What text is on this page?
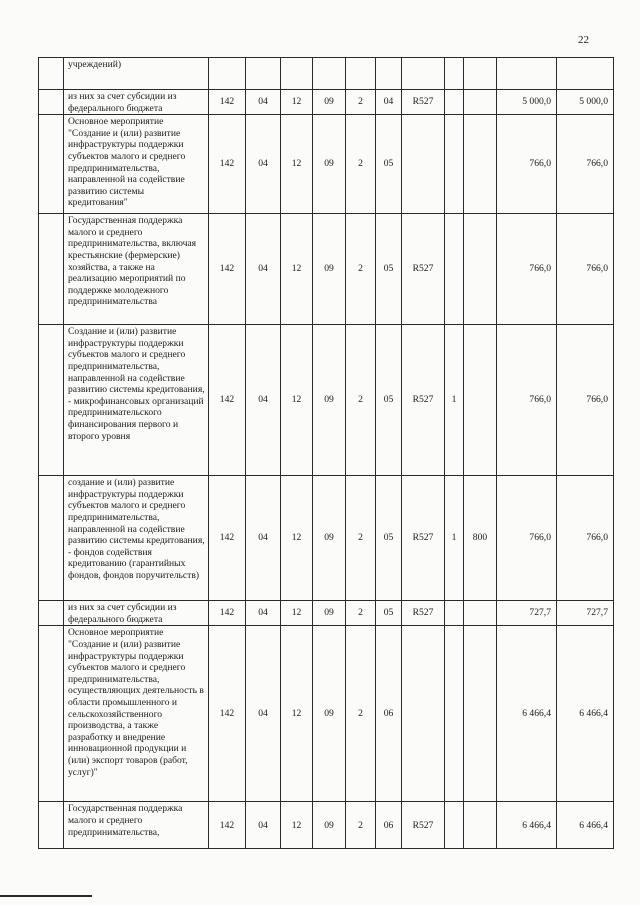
22
	учреждений)											
	из них за счет субсидии из федерального бюджета	142	04	12	09	2	04	R527			5 000,0	5 000,0
	Основное мероприятие "Создание и (или) развитие инфраструктуры поддержки субъектов малого и среднего предпринимательства, направленной на содействие развитию системы кредитования"	142	04	12	09	2	05				766,0	766,0
	Государственная поддержка малого и среднего предпринимательства, включая крестьянские (фермерские) хозяйства, а также на реализацию мероприятий по поддержке молодежного предпринимательства	142	04	12	09	2	05	R527			766,0	766,0
	Создание и (или) развитие инфраструктуры поддержки субъектов малого и среднего предпринимательства, направленной на содействие развитию системы кредитования, - микрофинансовых организаций предпринимательского финансирования первого и второго уровня	142	04	12	09	2	05	R527	1		766,0	766,0
	создание и (или) развитие инфраструктуры поддержки субъектов малого и среднего предпринимательства, направленной на содействие развитию системы кредитования, - фондов содействия кредитованию (гарантийных фондов, фондов поручительств)	142	04	12	09	2	05	R527	1	800	766,0	766,0
	из них за счет субсидии из федерального бюджета	142	04	12	09	2	05	R527			727,7	727,7
	Основное мероприятие "Создание и (или) развитие инфраструктуры поддержки субъектов малого и среднего предпринимательства, осуществляющих деятельность в области промышленного и сельскохозяйственного производства, а также разработку и внедрение инновационной продукции и (или) экспорт товаров (работ, услуг)"	142	04	12	09	2	06				6 466,4	6 466,4
	Государственная поддержка малого и среднего предпринимательства,	142	04	12	09	2	06	R527			6 466,4	6 466,4
